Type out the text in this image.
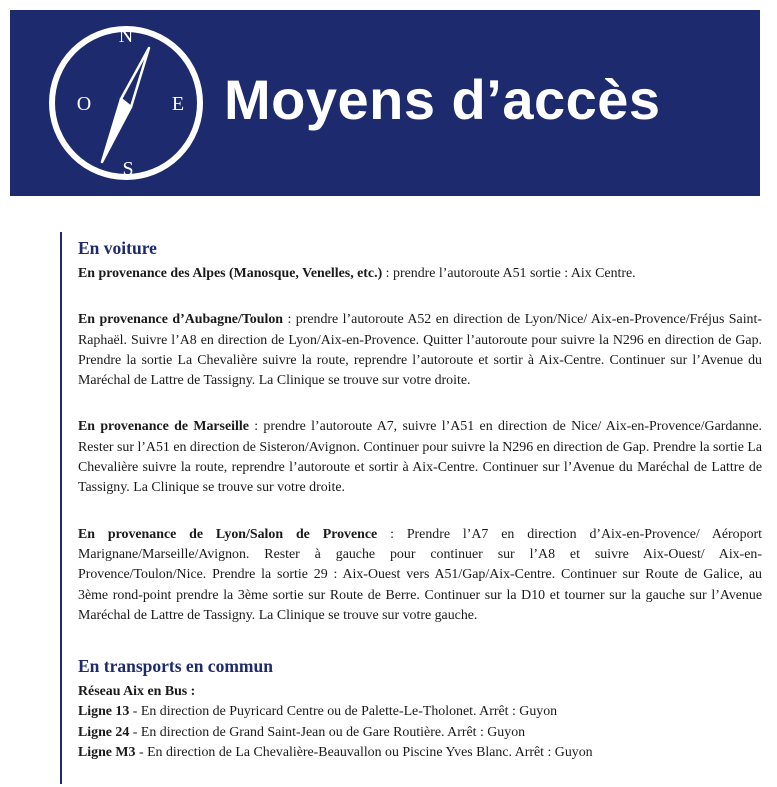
N
S
E
O Moyens d’accès
En voiture

En provenance des Alpes (Manosque, Venelles, etc.) : prendre l’autoroute A51 sortie : Aix Centre.

En provenance d’Aubagne/Toulon : prendre l’autoroute A52 en direction de Lyon/Nice/ Aix-en-Provence/Fréjus Saint-Raphaël. Suivre l’A8 en direction de Lyon/Aix-en-Provence. Quitter l’autoroute pour suivre la N296 en direction de Gap. Prendre la sortie La Chevalière suivre la route, reprendre l’autoroute et sortir à Aix-Centre. Continuer sur l’Avenue du Maréchal de Lattre de Tassigny. La Clinique se trouve sur votre droite.

En provenance de Marseille : prendre l’autoroute A7, suivre l’A51 en direction de Nice/ Aix-en-Provence/Gardanne. Rester sur l’A51 en direction de Sisteron/Avignon. Continuer pour suivre la N296 en direction de Gap. Prendre la sortie La Chevalière suivre la route, reprendre l’autoroute et sortir à Aix-Centre. Continuer sur l’Avenue du Maréchal de Lattre de Tassigny. La Clinique se trouve sur votre droite.

En provenance de Lyon/Salon de Provence : Prendre l’A7 en direction d’Aix-en-Provence/ Aéroport Marignane/Marseille/Avignon. Rester à gauche pour continuer sur l’A8 et suivre Aix-Ouest/ Aix-en-Provence/Toulon/Nice. Prendre la sortie 29 : Aix-Ouest vers A51/Gap/Aix-Centre. Continuer sur Route de Galice, au 3ème rond-point prendre la 3ème sortie sur Route de Berre. Continuer sur la D10 et tourner sur la gauche sur l’Avenue Maréchal de Lattre de Tassigny. La Clinique se trouve sur votre gauche.

En transports en commun

Réseau Aix en Bus :

Ligne 13 - En direction de Puyricard Centre ou de Palette-Le-Tholonet. Arrêt : Guyon

Ligne 24 - En direction de Grand Saint-Jean ou de Gare Routière. Arrêt : Guyon

Ligne M3 - En direction de La Chevalière-Beauvallon ou Piscine Yves Blanc. Arrêt : Guyon
